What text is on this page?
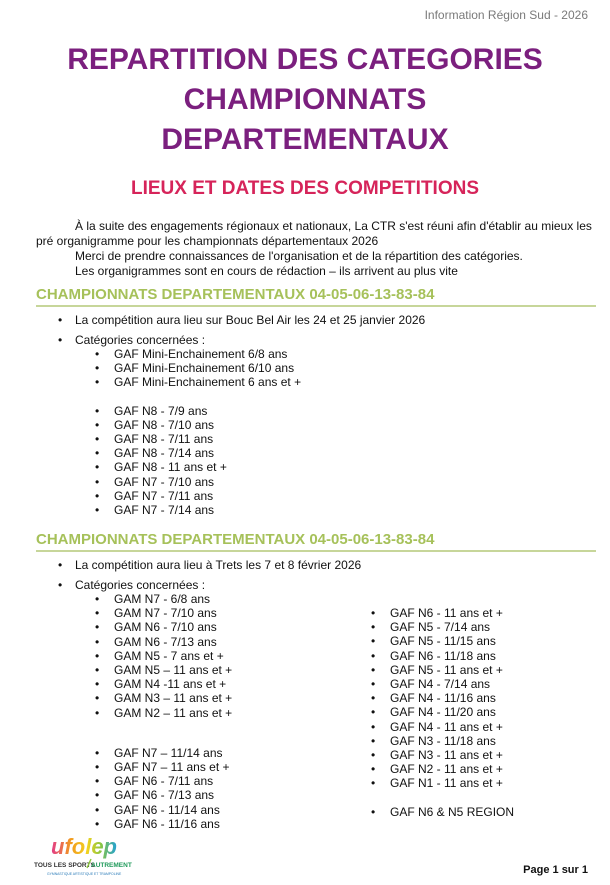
Information Région Sud - 2026
REPARTITION DES CATEGORIES
CHAMPIONNATS
DEPARTEMENTAUX
LIEUX ET DATES DES COMPETITIONS

À la suite des engagements régionaux et nationaux, La CTR s'est réuni afin d'établir au mieux les

pré organigramme pour les championnats départementaux 2026

Merci de prendre connaissances de l'organisation et de la répartition des catégories.

Les organigrammes sont en cours de rédaction – ils arrivent au plus vite

CHAMPIONNATS DEPARTEMENTAUX 04-05-06-13-83-84
• La compétition aura lieu sur Bouc Bel Air les 24 et 25 janvier 2026
• Catégories concernées :
• GAF Mini-Enchainement 6/8 ans
• GAF Mini-Enchainement 6/10 ans
• GAF Mini-Enchainement 6 ans et +
• GAF N8 - 7/9 ans
• GAF N8 - 7/10 ans
• GAF N8 - 7/11 ans
• GAF N8 - 7/14 ans
• GAF N8 - 11 ans et +
• GAF N7 - 7/10 ans
• GAF N7 - 7/11 ans
• GAF N7 - 7/14 ans
CHAMPIONNATS DEPARTEMENTAUX 04-05-06-13-83-84
• La compétition aura lieu à Trets les 7 et 8 février 2026
• Catégories concernées :
• GAM N7 - 6/8 ans
• GAM N7 - 7/10 ans
• GAM N6 - 7/10 ans
• GAM N6 - 7/13 ans
• GAM N5 - 7 ans et +
• GAM N5 – 11 ans et +
• GAM N4 -11 ans et +
• GAM N3 – 11 ans et +
• GAM N2 – 11 ans et +
• GAF N7 – 11/14 ans
• GAF N7 – 11 ans et +
• GAF N6 - 7/11 ans
• GAF N6 - 7/13 ans
• GAF N6 - 11/14 ans
• GAF N6 - 11/16 ans
• GAF N6 - 11 ans et +
• GAF N5 - 7/14 ans
• GAF N5 - 11/15 ans
• GAF N6 - 11/18 ans
• GAF N5 - 11 ans et +
• GAF N4 - 7/14 ans
• GAF N4 - 11/16 ans
• GAF N4 - 11/20 ans
• GAF N4 - 11 ans et +
• GAF N3 - 11/18 ans
• GAF N3 - 11 ans et +
• GAF N2 - 11 ans et +
• GAF N1 - 11 ans et +
• GAF N6 & N5 REGION
ufolep
TOUS LES SPORTS
AUTREMENT
GYMNASTIQUE ARTISTIQUE ET TRAMPOLINE	Page 1 sur 1
